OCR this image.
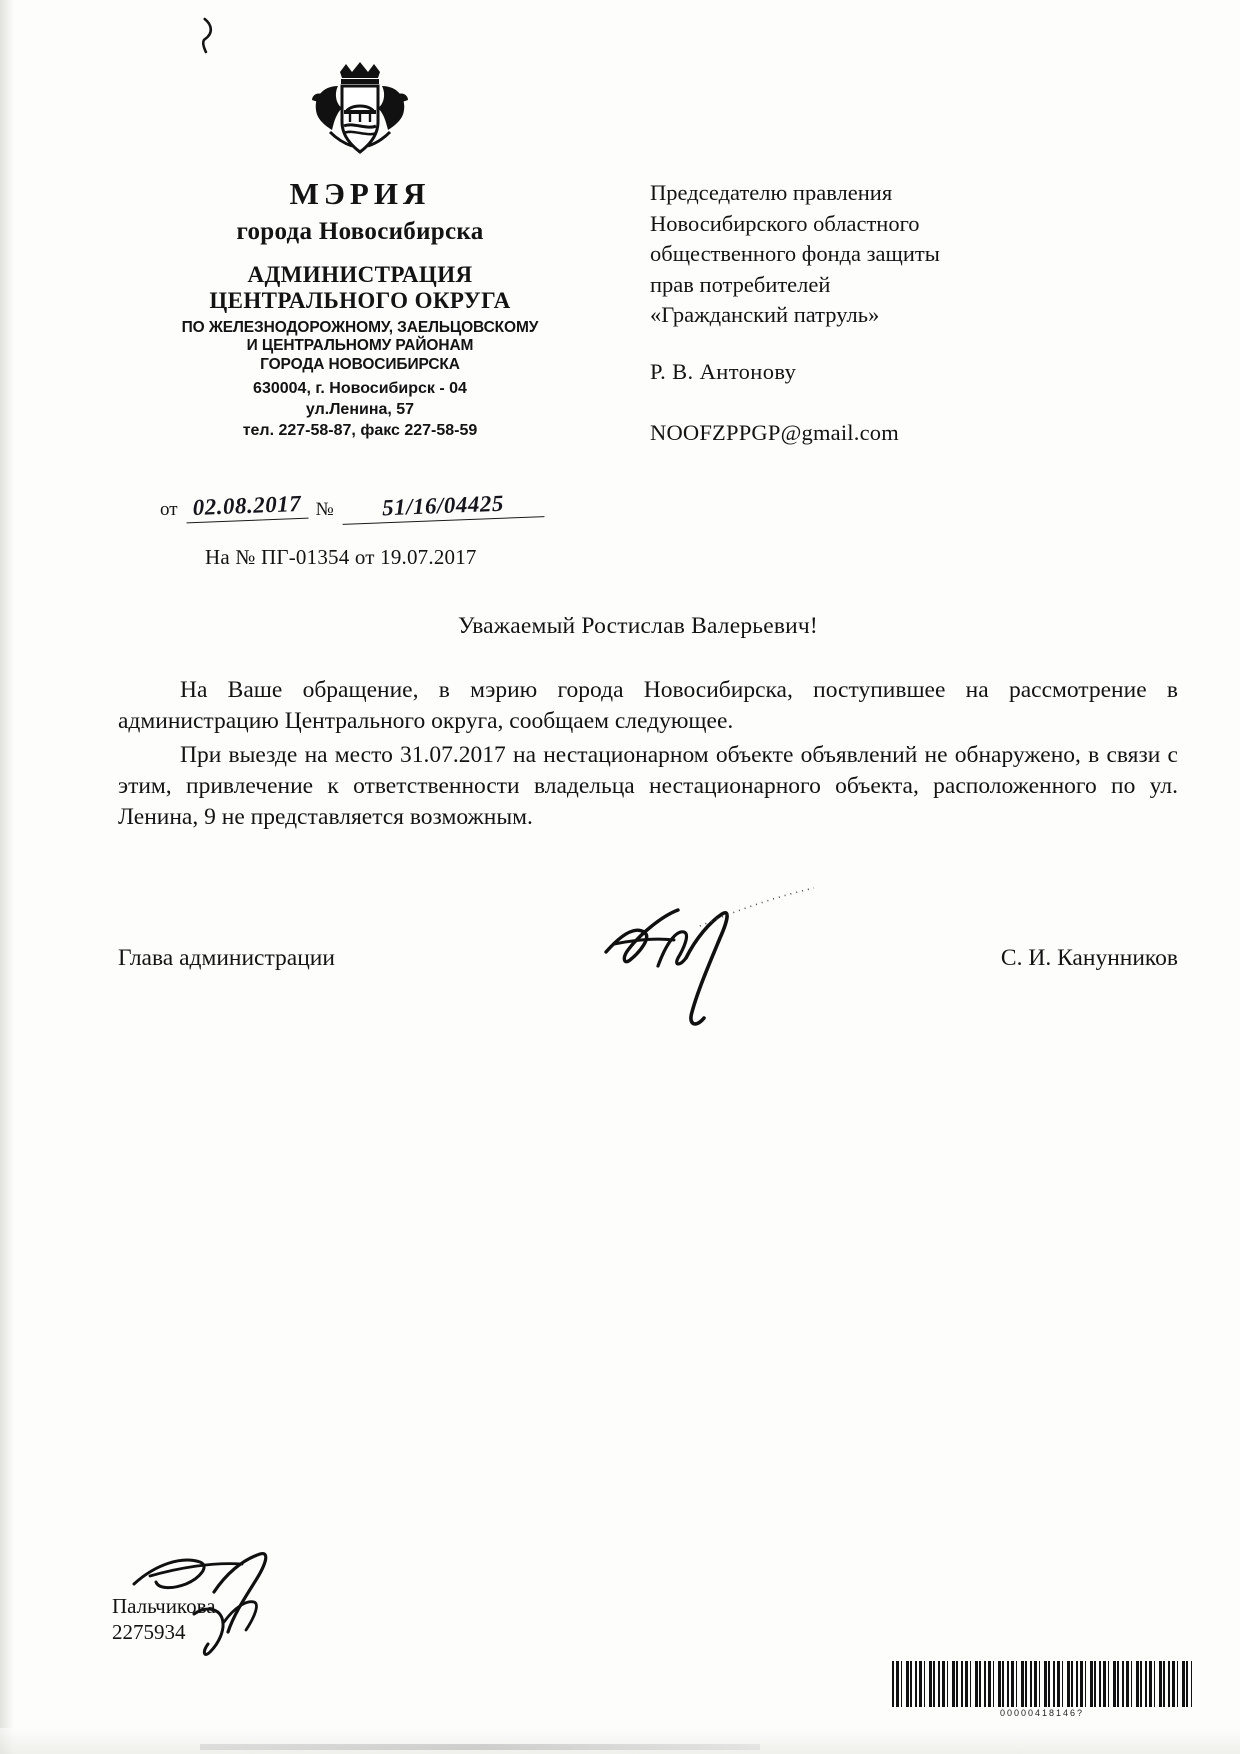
МЭРИЯ
города Новосибирска
АДМИНИСТРАЦИЯ
ЦЕНТРАЛЬНОГО ОКРУГА
ПО ЖЕЛЕЗНОДОРОЖНОМУ, ЗАЕЛЬЦОВСКОМУ
И ЦЕНТРАЛЬНОМУ РАЙОНАМ
ГОРОДА НОВОСИБИРСКА
630004, г. Новосибирск - 04
ул.Ленина, 57
тел. 227-58-87, факс 227-58-59
от 02.08.2017 №	51/16/04425
На № ПГ-01354 от 19.07.2017
Председателю правления
Новосибирского областного
общественного фонда защиты
прав потребителей
«Гражданский патруль»
Р. В. Антонову
NOOFZPPGP@gmail.com
Уважаемый Ростислав Валерьевич!

На Ваше обращение, в мэрию города Новосибирска, поступившее на рассмотрение в администрацию Центрального округа, сообщаем следующее.

При выезде на место 31.07.2017 на нестационарном объекте объявлений не обнаружено, в связи с этим, привлечение к ответственности владельца нестационарного объекта, расположенного по ул. Ленина, 9 не представляется возможным.

Глава администрации	С. И. Канунников
Пальчикова
2275934
00000418146?
